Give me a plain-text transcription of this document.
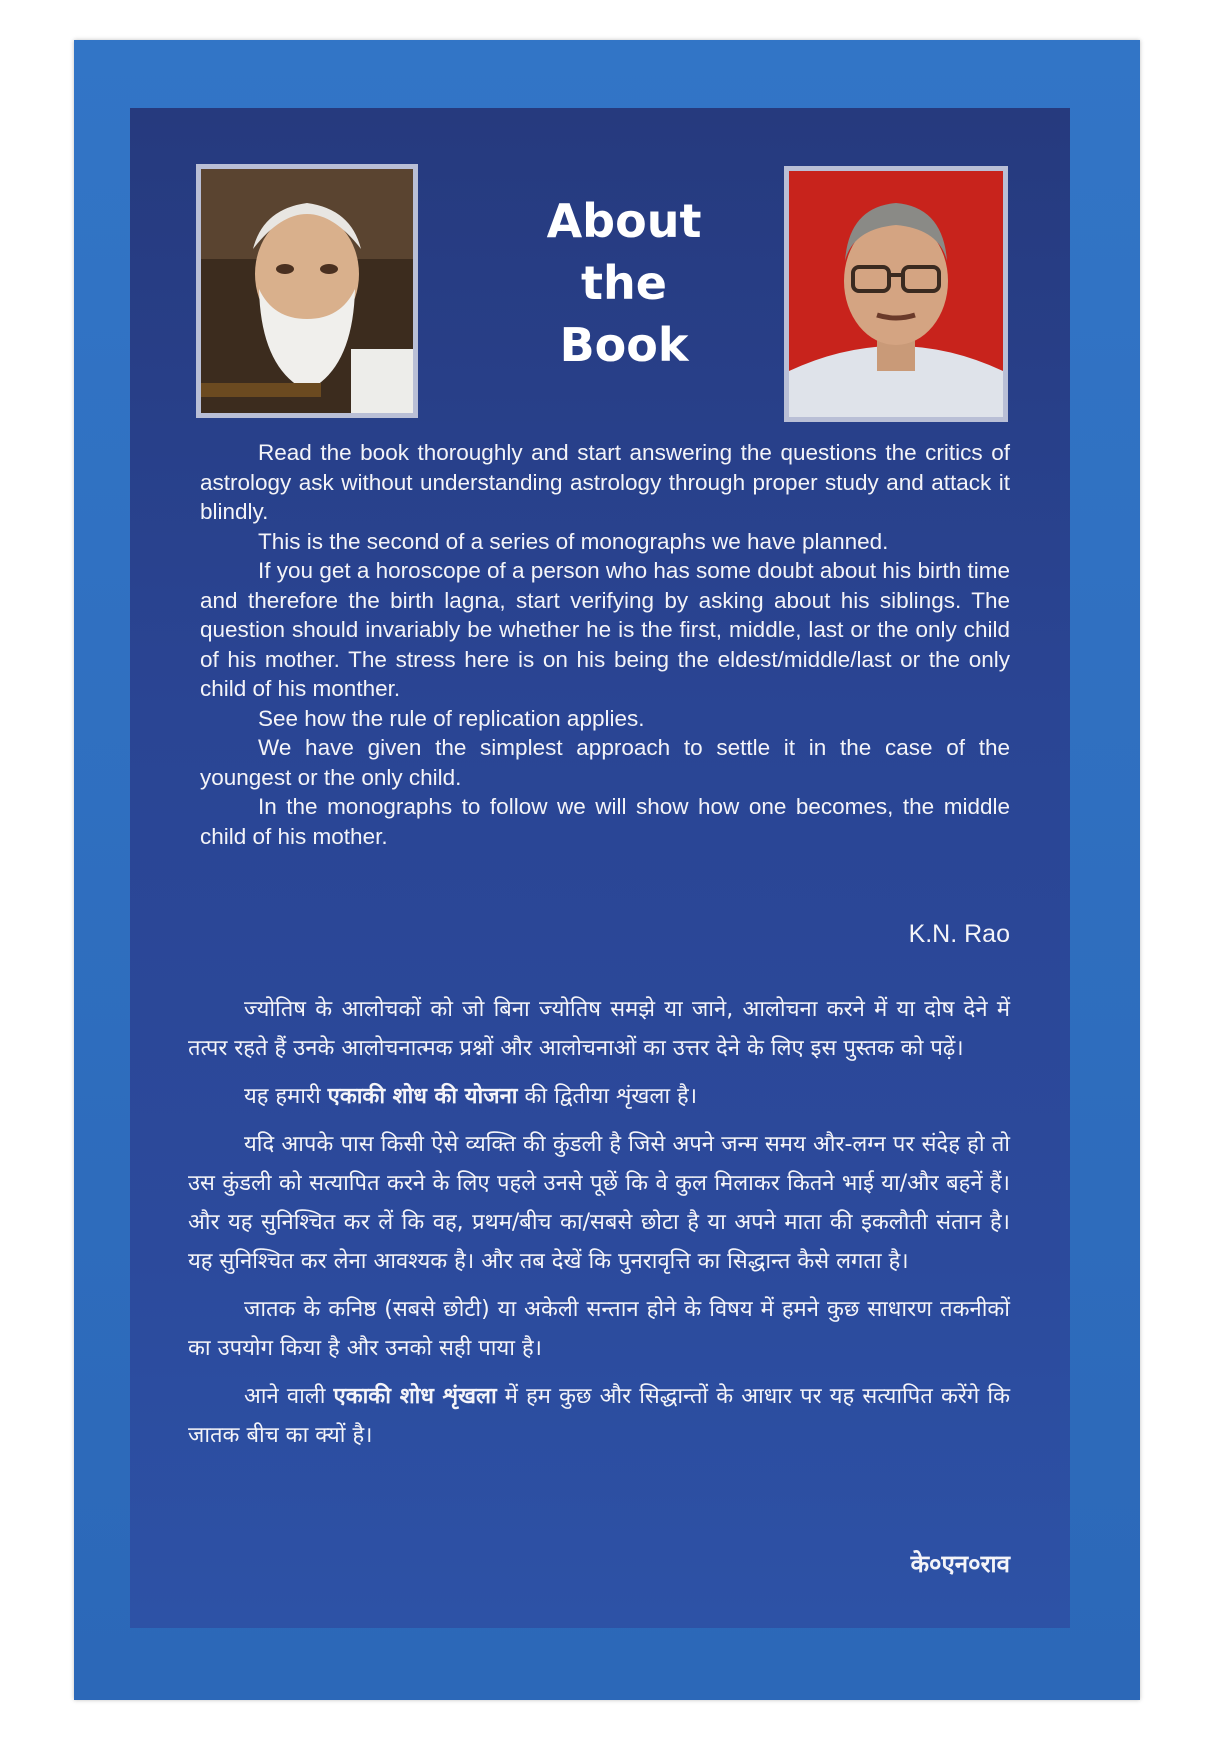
About
the
Book

Read the book thoroughly and start answering the questions the critics of astrology ask without understanding astrology through proper study and attack it blindly.

This is the second of a series of monographs we have planned.

If you get a horoscope of a person who has some doubt about his birth time and therefore the birth lagna, start verifying by asking about his siblings. The question should invariably be whether he is the first, middle, last or the only child of his mother. The stress here is on his being the eldest/middle/last or the only child of his monther.

See how the rule of replication applies.

We have given the simplest approach to settle it in the case of the youngest or the only child.

In the monographs to follow we will show how one becomes, the middle child of his mother.

K.N. Rao

ज्योतिष के आलोचकों को जो बिना ज्योतिष समझे या जाने, आलोचना करने में या दोष देने में तत्पर रहते हैं उनके आलोचनात्मक प्रश्नों और आलोचनाओं का उत्तर देने के लिए इस पुस्तक को पढ़ें।

यह हमारी एकाकी शोध की योजना की द्वितीया शृंखला है।

यदि आपके पास किसी ऐसे व्यक्ति की कुंडली है जिसे अपने जन्म समय और-लग्न पर संदेह हो तो उस कुंडली को सत्यापित करने के लिए पहले उनसे पूछें कि वे कुल मिलाकर कितने भाई या/और बहनें हैं। और यह सुनिश्चित कर लें कि वह, प्रथम/बीच का/सबसे छोटा है या अपने माता की इकलौती संतान है। यह सुनिश्चित कर लेना आवश्यक है। और तब देखें कि पुनरावृत्ति का सिद्धान्त कैसे लगता है।

जातक के कनिष्ठ (सबसे छोटी) या अकेली सन्तान होने के विषय में हमने कुछ साधारण तकनीकों का उपयोग किया है और उनको सही पाया है।

आने वाली एकाकी शोध शृंखला में हम कुछ और सिद्धान्तों के आधार पर यह सत्यापित करेंगे कि जातक बीच का क्यों है।

के०एन०राव
